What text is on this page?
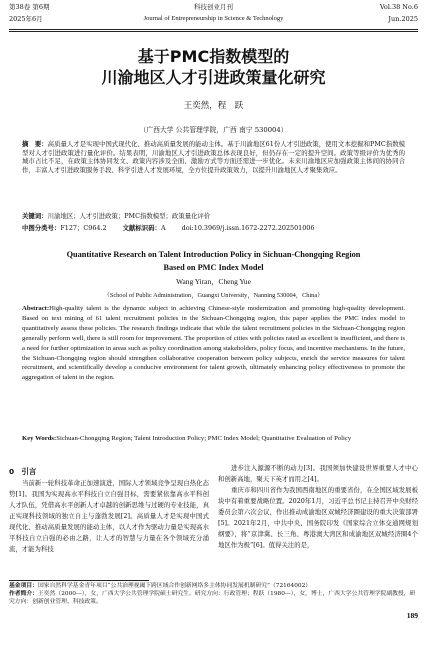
第38卷 第6期	科技创业月刊	Vol.38 No.6
2025年6月	Journal of Entrepreneurship in Science & Technology	Jun.2025
基于PMC指数模型的
川渝地区人才引进政策量化研究
王奕然，程　跃
（广西大学 公共管理学院，广西 南宁 530004）
摘　要：高质量人才是实现中国式现代化、推动高质量发展的能动主体。基于川渝地区61份人才引进政策，使用文本挖掘和PMC指数模型对人才引进政策进行量化评价。结果表明，川渝地区人才引进政策总体表现良好，但仍存在一定的提升空间。政策等级评价为优秀的城市占比不足，在政策主体协同发文、政策内容涉及全面、激励方式等方面还需进一步优化。未来川渝地区应加强政策主体间的协同合作，丰富人才引进政策服务手段、科学引进人才发展环境，全方位提升政策效力，以提升川渝地区人才聚集效应。
关键词：川渝地区；人才引进政策；PMC指数模型；政策量化评价
中图分类号：F127；C964.2	文献标识码：A	doi:10.3969/j.issn.1672-2272.202501006
Quantitative Research on Talent Introduction Policy in Sichuan-Chongqing Region
Based on PMC Index Model
Wang Yiran，Cheng Yue
（School of Public Administration，Guangxi University，Nanning 530004，China）
Abstract:High-quality talent is the dynamic subject in achieving Chinese-style modernization and promoting high-quality development. Based on text mining of 61 talent recruitment policies in the Sichuan-Chongqing region, this paper applies the PMC index model to quantitatively assess these policies. The research findings indicate that while the talent recruitment policies in the Sichuan-Chongqing region generally perform well, there is still room for improvement. The proportion of cities with policies rated as excellent is insufficient, and there is a need for further optimization in areas such as policy coordination among stakeholders, policy focus, and incentive mechanisms. In the future, the Sichuan-Chongqing region should strengthen collaborative cooperation between policy subjects, enrich the service measures for talent recruitment, and scientifically develop a conducive environment for talent growth, ultimately enhancing policy effectiveness to promote the aggregation of talent in the region.
Key Words:Sichuan-Chongqing Region; Talent Introduction Policy; PMC Index Model; Quantitative Evaluation of Policy
0　引言

当前新一轮科技革命正加速演进，国际人才领域竞争呈现白热化态势[1]。我国为实现高水平科技自立自强目标，需要紧依靠高水平科创人才队伍，凭借高水平创新人才卓越的创新思维与过硬的专业技能，真正实现科技领域的独立自主与蓬勃发展[2]。高质量人才是实现中国式现代化、推动高质量发展的能动主体，以人才作为驱动力量是实现高水平科技自立自强的必由之路，让人才的智慧与力量在各个领域充分涌流，才能为科技

进步注入源源不断的动力[3]。我国须加快建设世界重要人才中心和创新高地，聚天下英才而用之[4]。

重庆市和四川省作为我国西南地区的重要省份，在全国区域发展板块中有着重要战略位置。2020年1月，习近平总书记主持召开中央财经委员会第六次会议，作出推动成渝地区双城经济圈建设的重大决策部署[5]。2021年2月，中共中央、国务院印发《国家综合立体交通网规划纲要》，将“京津冀、长三角、粤港澳大湾区和成渝地区双城经济圈4个地区作为极”[6]。值得关注的是，

基金项目：国家自然科学基金青年项目“公共治理视阈下跨区域合作创新网络多主体协同发展机制研究”（72164002）
作者简介：王奕然（2000—），女，广西大学公共管理学院硕士研究生，研究方向：行政管理；程跃（1980—），女，博士，广西大学公共管理学院副教授，研究方向：创新创业管理、科技政策。
189
